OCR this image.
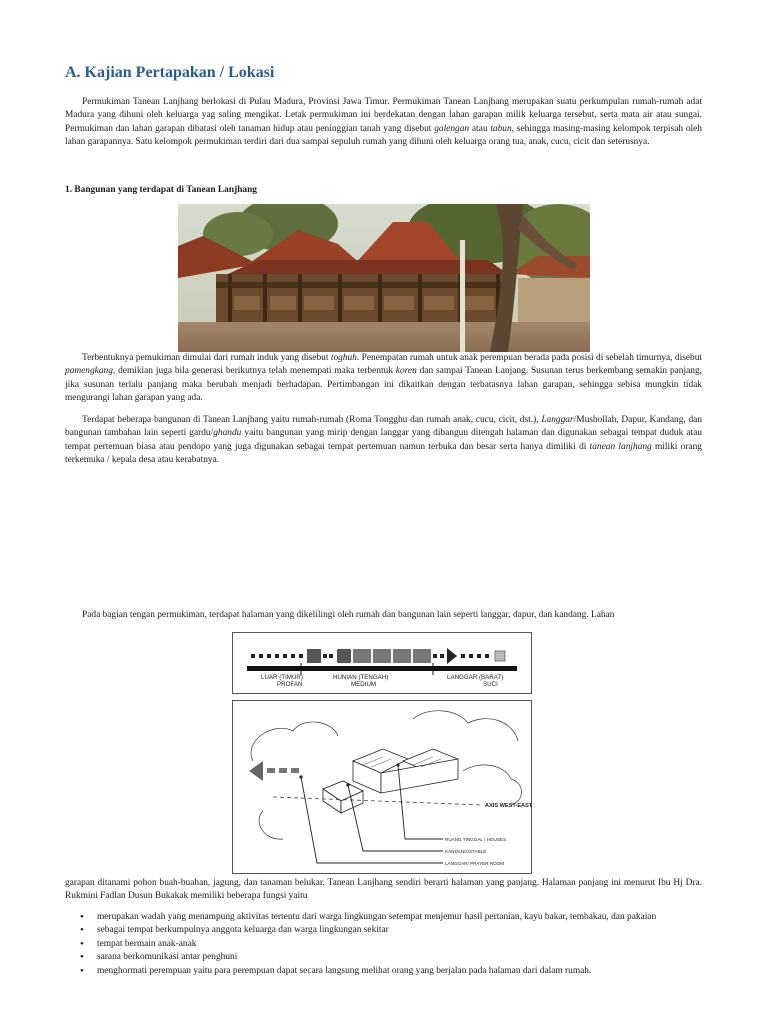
A. Kajian Pertapakan / Lokasi

Permukiman Tanean Lanjhang berlokasi di Pulau Madura, Provinsi Jawa Timur. Permukiman Tanean Lanjhang merupakan suatu perkumpulan rumah-rumah adat Madura yang dihuni oleh keluarga yag saling mengikat. Letak permukiman ini berdekatan dengan lahan garapan milik keluarga tersebut, serta mata air atau sungai. Permukiman dan lahan garapan dibatasi oleh tanaman hidup atau peninggian tanah yang disebut galengan atau tabun, sehingga masing-masing kelompok terpisah oleh lahan garapannya. Satu kelompok permukiman terdiri dari dua sampai sepuluh rumah yang dihuni oleh keluarga orang tua, anak, cucu, cicit dan seterusnya.

1. Bangunan yang terdapat di Tanean Lanjhang

Terbentuknya pemukiman dimulai dari rumah induk yang disebut toghuh. Penempatan rumah untuk anak perempuan berada pada posisi di sebelah timurnya, disebut pamengkang, demikian juga bila generasi berikutnya telah menempati maka terbentuk koren dan sampai Tanean Lanjang. Susunan terus berkembang semakin panjang, jika susunan terlalu panjang maka berubah menjadi berhadapan. Pertimbangan ini dikaitkan dengan terbatasnya lahan garapan, sehingga sebisa mungkin tidak mengurangi lahan garapan yang ada.

Terdapat beberapa bangunan di Tanean Lanjhang yaitu rumah-rumah (Roma Tongghu dan rumah anak, cucu, cicit, dst.), Langgar/Mushollah, Dapur, Kandang, dan bangunan tambahan lain seperti gardu/ghandu yaitu bangunan yang mirip dengan langgar yang dibangun ditengah halaman dan digunakan sebagai tempat duduk atau tempat pertemuan biasa atau pendopo yang juga digunakan sebagai tempat pertemuan namun terbuka dan besar serta hanya dimiliki di tanean lanjhang miliki orang terkemuka / kepala desa atau kerabatnya.

Pada bagian tengan permukiman, terdapat halaman yang dikelilingi oleh rumah dan bangunan lain seperti langgar, dapur, dan kandang. Lahan

LUAR (TIMUR)
PROFAN
HUNIAN (TENGAH)
MEDIUM
LANGGAR (BARAT)
SUCI
AXIS WEST-EAST
RUANG TINGGAL / HOUSES
KANDANG/STABLE
LANGGAR/ PRAYER ROOM

garapan ditanami pohon buah-buahan, jagung, dan tanaman belukar. Tanean Lanjhang sendiri berarti halaman yang panjang. Halaman panjang ini menurut Ibu Hj Dra. Rukmini Fadlan Dusun Bukakak memiliki beberapa fungsi yaitu

• merupakan wadah yang menampung aktivitas tertentu dari warga lingkungan setempat menjemur hasil pertanian, kayu bakar, tembakau, dan pakaian
• sebagai tempat berkumpulnya anggota keluarga dan warga lingkungan sekitar
• tempat bermain anak-anak
• sarana berkomunikasi antar penghuni
• menghormati perempuan yaitu para perempuan dapat secara langsung melihat orang yang berjalan pada halaman dari dalam rumah.
